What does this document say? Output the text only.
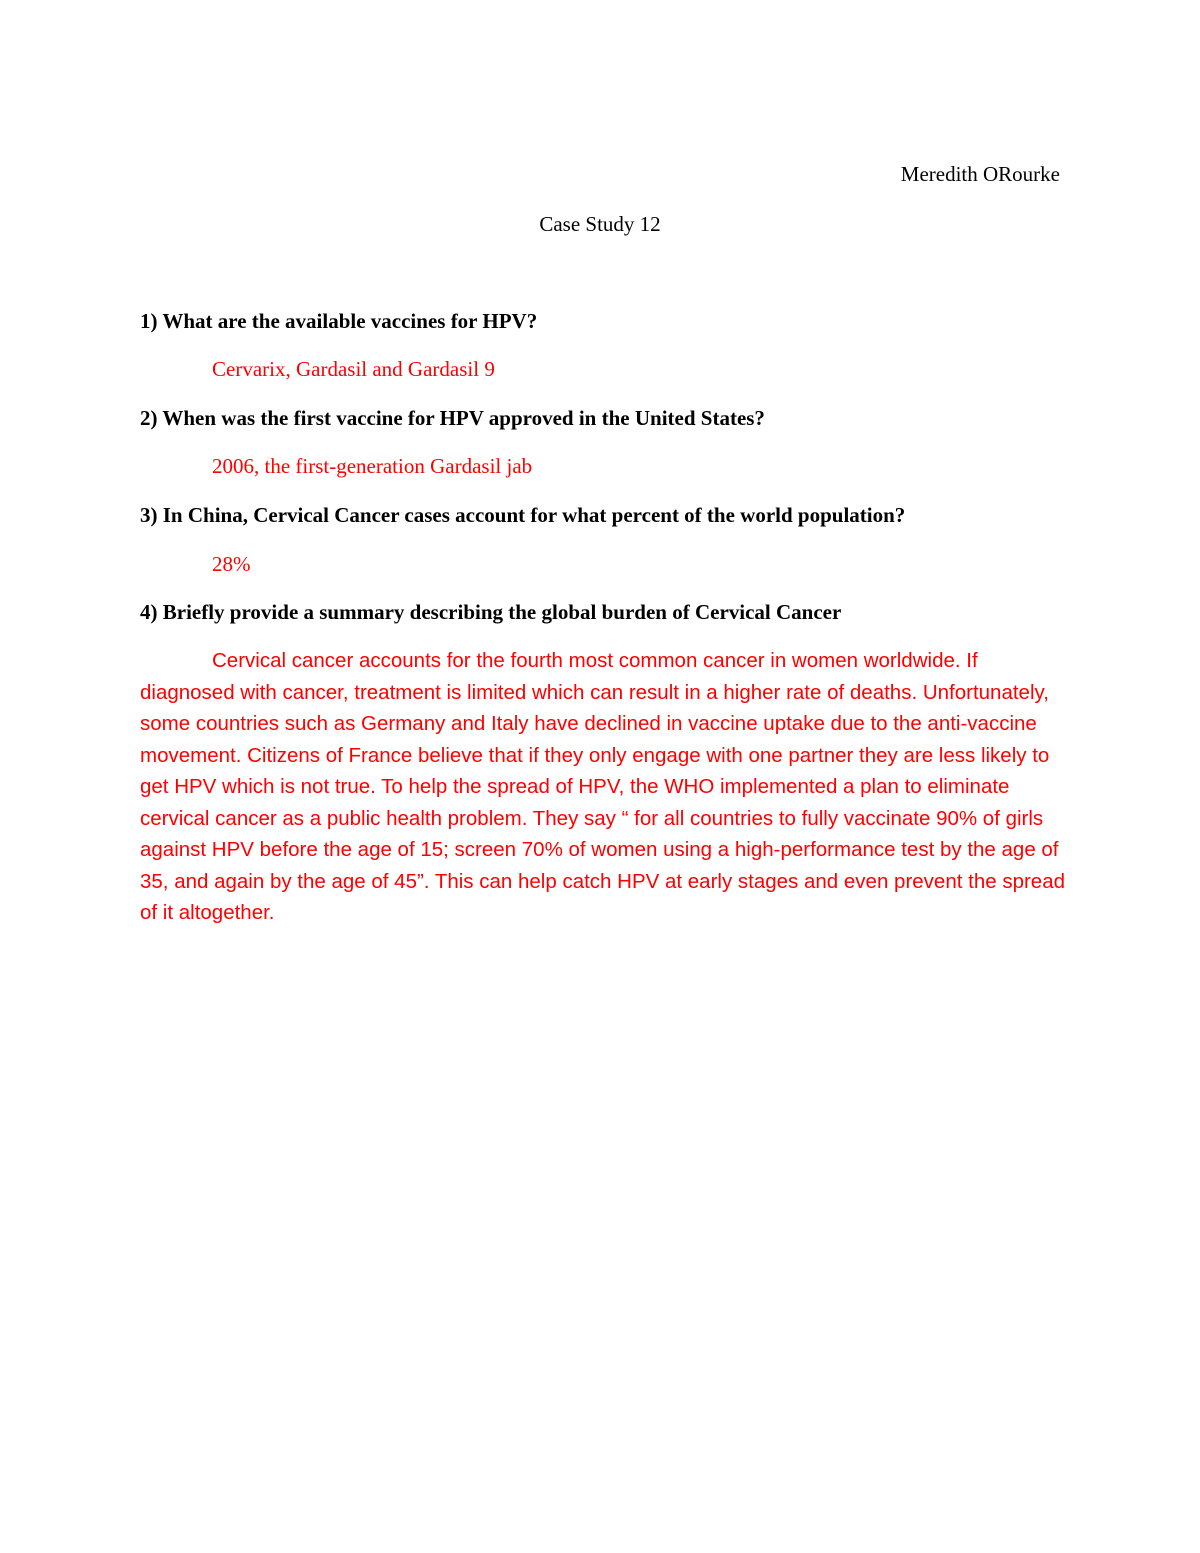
Meredith ORourke
Case Study 12
1) What are the available vaccines for HPV?
Cervarix, Gardasil and Gardasil 9
2) When was the first vaccine for HPV approved in the United States?
2006, the first-generation Gardasil jab
3) In China, Cervical Cancer cases account for what percent of the world population?
28%
4) Briefly provide a summary describing the global burden of Cervical Cancer

Cervical cancer accounts for the fourth most common cancer in women worldwide. If diagnosed with cancer, treatment is limited which can result in a higher rate of deaths. Unfortunately, some countries such as Germany and Italy have declined in vaccine uptake due to the anti-vaccine movement. Citizens of France believe that if they only engage with one partner they are less likely to get HPV which is not true. To help the spread of HPV, the WHO implemented a plan to eliminate cervical cancer as a public health problem. They say “ for all countries to fully vaccinate 90% of girls against HPV before the age of 15; screen 70% of women using a high-performance test by the age of 35, and again by the age of 45”. This can help catch HPV at early stages and even prevent the spread of it altogether.
